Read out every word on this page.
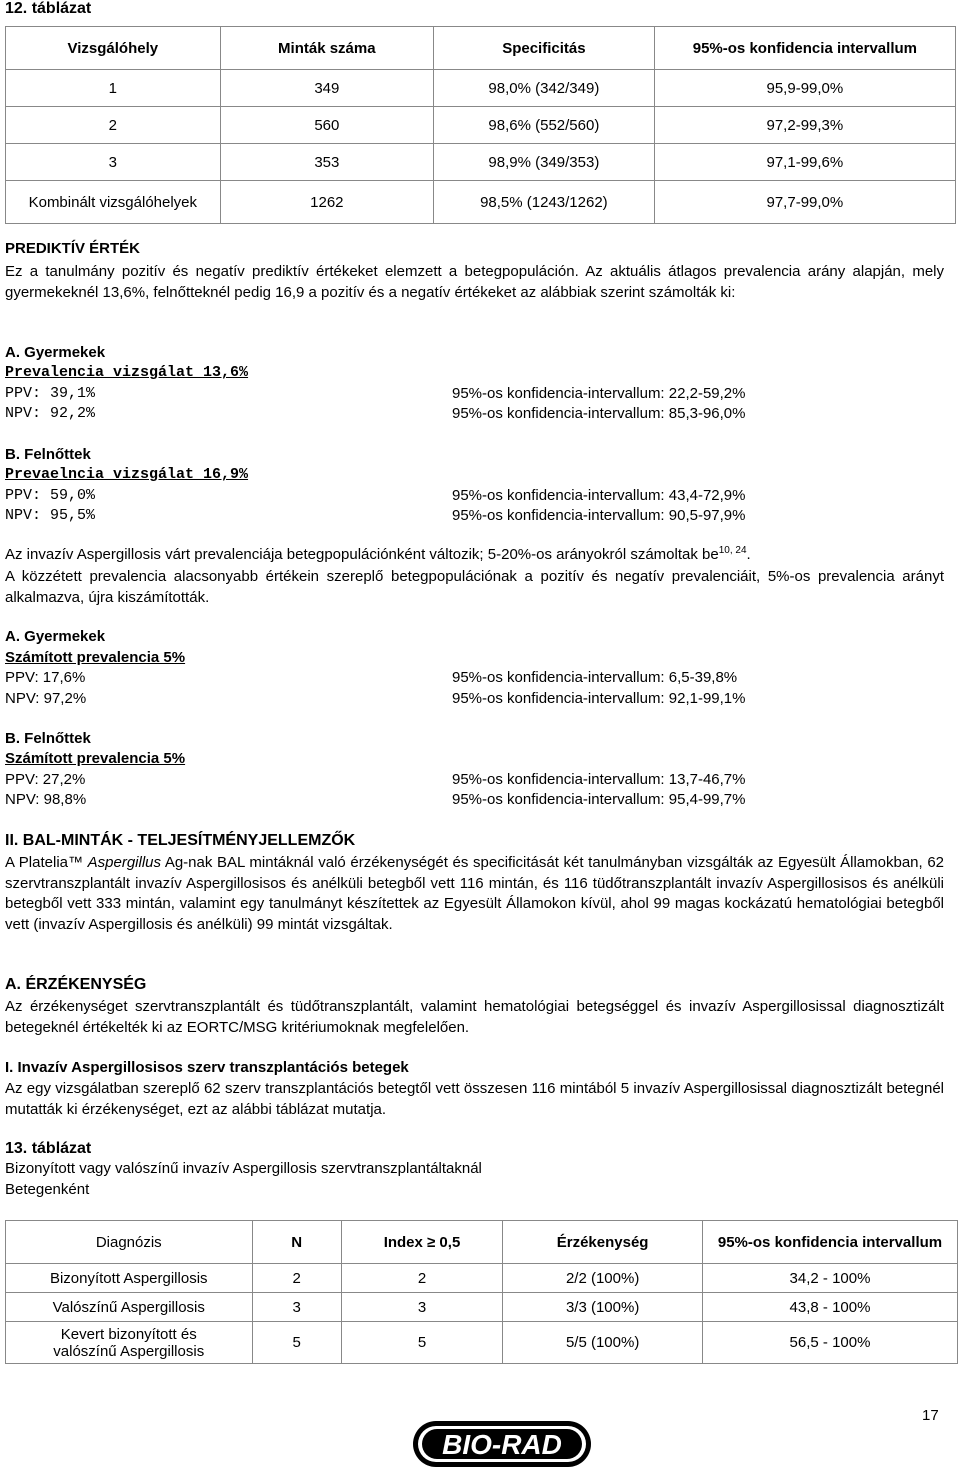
12. táblázat
Vizsgálóhely	Minták száma	Specificitás	95%-os konfidencia intervallum
1	349	98,0% (342/349)	95,9-99,0%
2	560	98,6% (552/560)	97,2-99,3%
3	353	98,9% (349/353)	97,1-99,6%
Kombinált vizsgálóhelyek	1262	98,5% (1243/1262)	97,7-99,0%
PREDIKTÍV ÉRTÉK
Ez a tanulmány pozitív és negatív prediktív értékeket elemzett a betegpopuláción. Az aktuális átlagos prevalencia arány alapján, mely gyermekeknél 13,6%, felnőtteknél pedig 16,9 a pozitív és a negatív értékeket az alábbiak szerint számolták ki:
A. Gyermekek
Prevalencia vizsgálat 13,6%
PPV: 39,1%	95%-os konfidencia-intervallum: 22,2-59,2%
NPV: 92,2%	95%-os konfidencia-intervallum: 85,3-96,0%
B. Felnőttek
Prevaelncia vizsgálat 16,9%
PPV: 59,0%	95%-os konfidencia-intervallum: 43,4-72,9%
NPV: 95,5%	95%-os konfidencia-intervallum: 90,5-97,9%
Az invazív Aspergillosis várt prevalenciája betegpopulációnként változik; 5-20%-os arányokról számoltak be$^{10, 24}$.
A közzétett prevalencia alacsonyabb értékein szereplő betegpopulációnak a pozitív és negatív prevalenciáit, 5%-os prevalencia arányt alkalmazva, újra kiszámították.
A. Gyermekek
Számított prevalencia 5%
PPV: 17,6%	95%-os konfidencia-intervallum: 6,5-39,8%
NPV: 97,2%	95%-os konfidencia-intervallum: 92,1-99,1%
B. Felnőttek
Számított prevalencia 5%
PPV: 27,2%	95%-os konfidencia-intervallum: 13,7-46,7%
NPV: 98,8%	95%-os konfidencia-intervallum: 95,4-99,7%
II. BAL-MINTÁK - TELJESÍTMÉNYJELLEMZŐK
A Platelia™ Aspergillus Ag-nak BAL mintáknál való érzékenységét és specificitását két tanulmányban vizsgálták az Egyesült Államokban, 62 szervtranszplantált invazív Aspergillosisos és anélküli betegből vett 116 mintán, és 116 tüdőtranszplantált invazív Aspergillosisos és anélküli betegből vett 333 mintán, valamint egy tanulmányt készítettek az Egyesült Államokon kívül, ahol 99 magas kockázatú hematológiai betegből vett (invazív Aspergillosis és anélküli) 99 mintát vizsgáltak.
A. ÉRZÉKENYSÉG
Az érzékenységet szervtranszplantált és tüdőtranszplantált, valamint hematológiai betegséggel és invazív Aspergillosissal diagnosztizált betegeknél értékelték ki az EORTC/MSG kritériumoknak megfelelően.
I. Invazív Aspergillosisos szerv transzplantációs betegek
Az egy vizsgálatban szereplő 62 szerv transzplantációs betegtől vett összesen 116 mintából 5 invazív Aspergillosissal diagnosztizált betegnél mutatták ki érzékenységet, ezt az alábbi táblázat mutatja.
13. táblázat
Bizonyított vagy valószínű invazív Aspergillosis szervtranszplantáltaknál
Betegenként
Diagnózis	N	Index ≥ 0,5	Érzékenység	95%-os konfidencia intervallum
Bizonyított Aspergillosis	2	2	2/2 (100%)	34,2 - 100%
Valószínű Aspergillosis	3	3	3/3 (100%)	43,8 - 100%
Kevert bizonyított és valószínű Aspergillosis	5	5	5/5 (100%)	56,5 - 100%
17
BIO-RAD
